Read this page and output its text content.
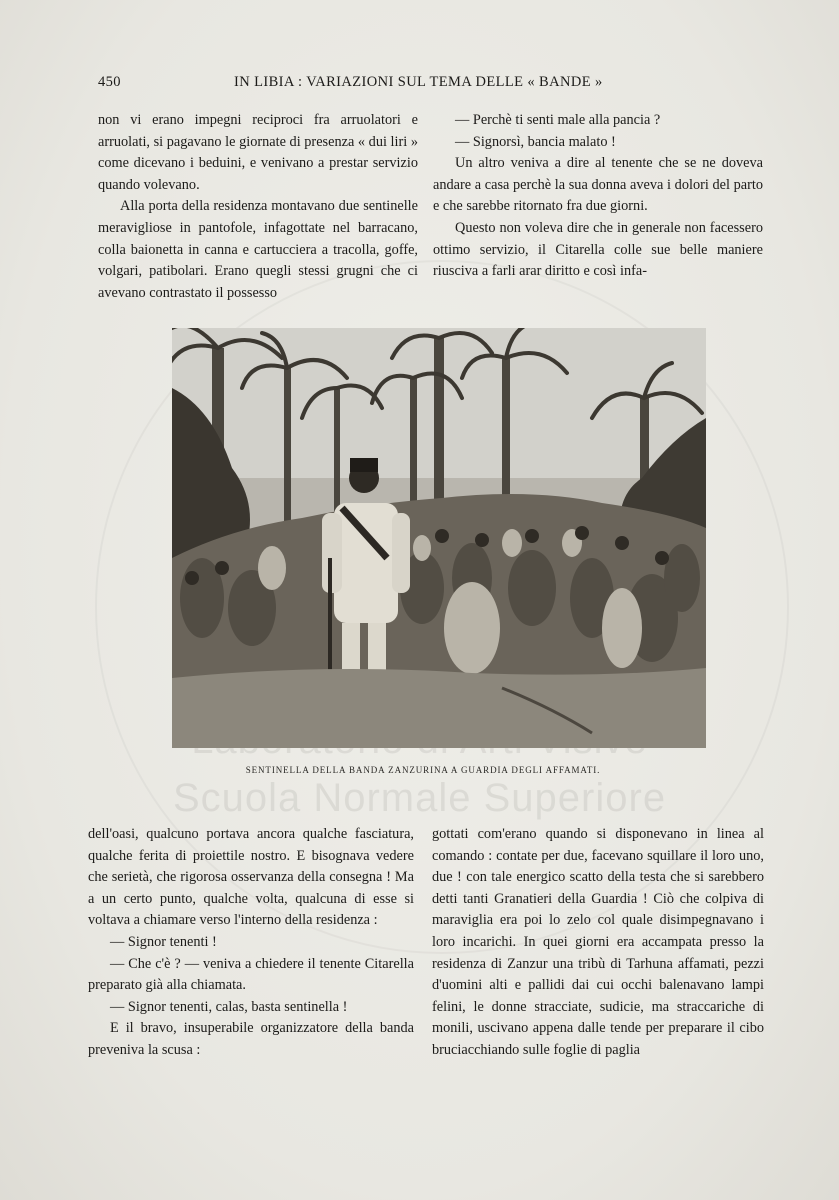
Scuola Normale Superiore
450	IN LIBIA : VARIAZIONI SUL TEMA DELLE « BANDE »

non vi erano impegni reciproci fra arruolatori e arruolati, si pagavano le giornate di presenza « dui liri » come dicevano i beduini, e venivano a prestar servizio quando volevano.

Alla porta della residenza montavano due sentinelle meravigliose in pantofole, infagottate nel barracano, colla baionetta in canna e cartucciera a tracolla, goffe, volgari, patibolari. Erano quegli stessi grugni che ci avevano contrastato il possesso

— Perchè ti senti male alla pancia ?

— Signorsì, bancia malato !

Un altro veniva a dire al tenente che se ne doveva andare a casa perchè la sua donna aveva i dolori del parto e che sarebbe ritornato fra due giorni.

Questo non voleva dire che in generale non facessero ottimo servizio, il Citarella colle sue belle maniere riusciva a farli arar diritto e così infa-

SENTINELLA DELLA BANDA ZANZURINA A GUARDIA DEGLI AFFAMATI.

dell'oasi, qualcuno portava ancora qualche fasciatura, qualche ferita di proiettile nostro. E bisognava vedere che serietà, che rigorosa osservanza della consegna ! Ma a un certo punto, qualche volta, qualcuna di esse si voltava a chiamare verso l'interno della residenza :

— Signor tenenti !

— Che c'è ? — veniva a chiedere il tenente Citarella preparato già alla chiamata.

— Signor tenenti, calas, basta sentinella !

E il bravo, insuperabile organizzatore della banda preveniva la scusa :

gottati com'erano quando si disponevano in linea al comando : contate per due, facevano squillare il loro uno, due ! con tale energico scatto della testa che si sarebbero detti tanti Granatieri della Guardia ! Ciò che colpiva di maraviglia era poi lo zelo col quale disimpegnavano i loro incarichi. In quei giorni era accampata presso la residenza di Zanzur una tribù di Tarhuna affamati, pezzi d'uomini alti e pallidi dai cui occhi balenavano lampi felini, le donne stracciate, sudicie, ma straccariche di monili, uscivano appena dalle tende per preparare il cibo bruciacchiando sulle foglie di paglia
